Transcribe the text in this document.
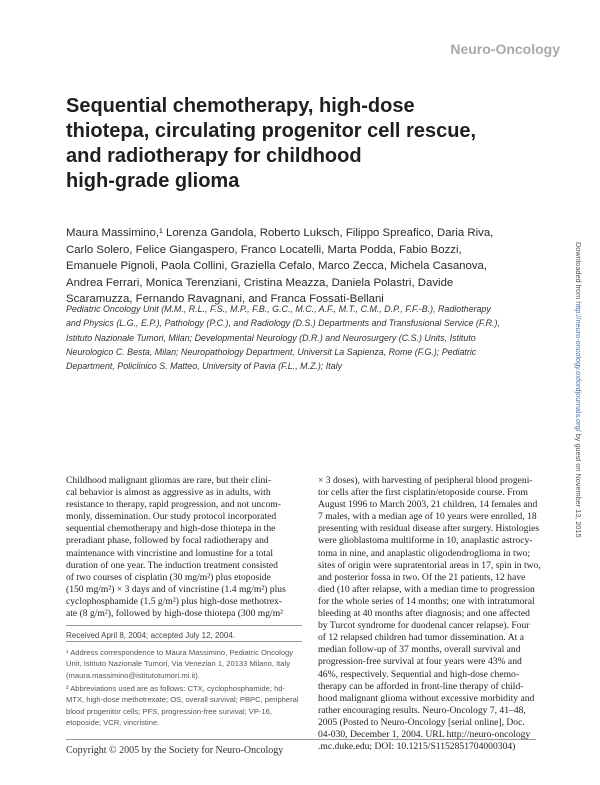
Neuro-Oncology
Sequential chemotherapy, high-dose
thiotepa, circulating progenitor cell rescue,
and radiotherapy for childhood
high-grade glioma
Maura Massimino,¹ Lorenza Gandola, Roberto Luksch, Filippo Spreafico, Daria Riva,
Carlo Solero, Felice Giangaspero, Franco Locatelli, Marta Podda, Fabio Bozzi,
Emanuele Pignoli, Paola Collini, Graziella Cefalo, Marco Zecca, Michela Casanova,
Andrea Ferrari, Monica Terenziani, Cristina Meazza, Daniela Polastri, Davide
Scaramuzza, Fernando Ravagnani, and Franca Fossati-Bellani
Pediatric Oncology Unit (M.M., R.L., F.S., M.P., F.B., G.C., M.C., A.F., M.T., C.M., D.P., F.F.-B.), Radiotherapy
and Physics (L.G., E.P.), Pathology (P.C.), and Radiology (D.S.) Departments and Transfusional Service (F.R.),
Istituto Nazionale Tumori, Milan; Developmental Neurology (D.R.) and Neurosurgery (C.S.) Units, Istituto
Neurologico C. Besta, Milan; Neuropathology Department, Universit La Sapienza, Rome (F.G.); Pediatric
Department, Policlinico S. Matteo, University of Pavia (F.L., M.Z.); Italy
Childhood malignant gliomas are rare, but their clini-
cal behavior is almost as aggressive as in adults, with
resistance to therapy, rapid progression, and not uncom-
monly, dissemination. Our study protocol incorporated
sequential chemotherapy and high-dose thiotepa in the
preradiant phase, followed by focal radiotherapy and
maintenance with vincristine and lomustine for a total
duration of one year. The induction treatment consisted
of two courses of cisplatin (30 mg/m²) plus etoposide
(150 mg/m²) × 3 days and of vincristine (1.4 mg/m²) plus
cyclophosphamide (1.5 g/m²) plus high-dose methotrex-
ate (8 g/m²), followed by high-dose thiotepa (300 mg/m²
× 3 doses), with harvesting of peripheral blood progeni-
tor cells after the first cisplatin/etoposide course. From
August 1996 to March 2003, 21 children, 14 females and
7 males, with a median age of 10 years were enrolled, 18
presenting with residual disease after surgery. Histologies
were glioblastoma multiforme in 10, anaplastic astrocy-
toma in nine, and anaplastic oligodendroglioma in two;
sites of origin were supratentorial areas in 17, spin in two,
and posterior fossa in two. Of the 21 patients, 12 have
died (10 after relapse, with a median time to progression
for the whole series of 14 months; one with intratumoral
bleeding at 40 months after diagnosis; and one affected
by Turcot syndrome for duodenal cancer relapse). Four
of 12 relapsed children had tumor dissemination. At a
median follow-up of 37 months, overall survival and
progression-free survival at four years were 43% and
46%, respectively. Sequential and high-dose chemo-
therapy can be afforded in front-line therapy of child-
hood malignant glioma without excessive morbidity and
rather encouraging results. Neuro-Oncology 7, 41–48,
2005 (Posted to Neuro-Oncology [serial online], Doc.
04-030, December 1, 2004. URL http://neuro-oncology
.mc.duke.edu; DOI: 10.1215/S1152851704000304)
Received April 8, 2004; accepted July 12, 2004.
¹ Address correspondence to Maura Massimino, Pediatric Oncology
Unit, Istituto Nazionale Tumori, Via Venezian 1, 20133 Milano, Italy
(maura.massimino@istitutotumori.mi.it).
² Abbreviations used are as follows: CTX, cyclophosphamide; hd-
MTX, high-dose methotrexate; OS, overall survival; PBPC, peripheral
blood progenitor cells; PFS, progression-free survival; VP-16,
etoposide; VCR, vincristine.
Copyright © 2005 by the Society for Neuro-Oncology
Downloaded from http://neuro-oncology.oxfordjournals.org/ by guest on November 13, 2015
